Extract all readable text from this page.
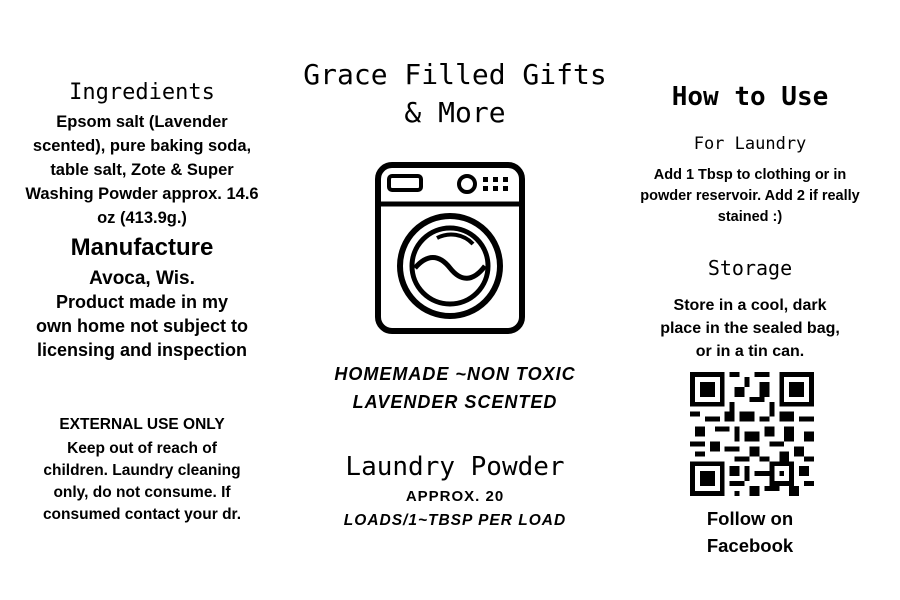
Ingredients
Epsom salt (Lavender scented), pure baking soda, table salt, Zote & Super Washing Powder approx. 14.6 oz (413.9g.)
Manufacture
Avoca, Wis.
Product made in my own home not subject to licensing and inspection
EXTERNAL USE ONLY
Keep out of reach of children. Laundry cleaning only, do not consume. If consumed contact your dr.
Grace Filled Gifts
& More
HOMEMADE ~NON TOXIC
LAVENDER SCENTED
Laundry Powder
APPROX. 20
LOADS/1~TBSP PER LOAD
How to Use
For Laundry
Add 1 Tbsp to clothing or in powder reservoir. Add 2 if really stained :)
Storage
Store in a cool, dark place in the sealed bag, or in a tin can.
Follow on Facebook
